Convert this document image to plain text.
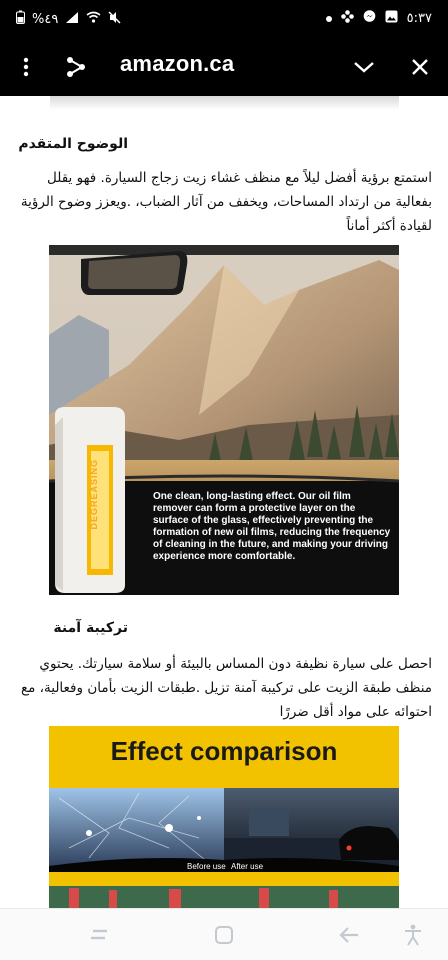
%٤٩	٥:٣٧
amazon.ca
الوضوح المتقدم
استمتع برؤية أفضل ليلاً مع منظف غشاء زيت زجاج السيارة. فهو يقلل بفعالية من ارتداد المساحات، ويخفف من آثار الضباب، .ويعزز وضوح الرؤية لقيادة أكثر أماناً
DEGREASING	One clean, long-lasting effect. Our oil film remover can form a protective layer on the surface of the glass, effectively preventing the formation of new oil films, reducing the frequency of cleaning in the future, and making your driving experience more comfortable.
تركيبة آمنة
احصل على سيارة نظيفة دون المساس بالبيئة أو سلامة سيارتك. يحتوي منظف طبقة الزيت على تركيبة آمنة تزيل .طبقات الزيت بأمان وفعالية، مع احتوائه على مواد أقل ضررًا
Effect comparison
Before use After use
